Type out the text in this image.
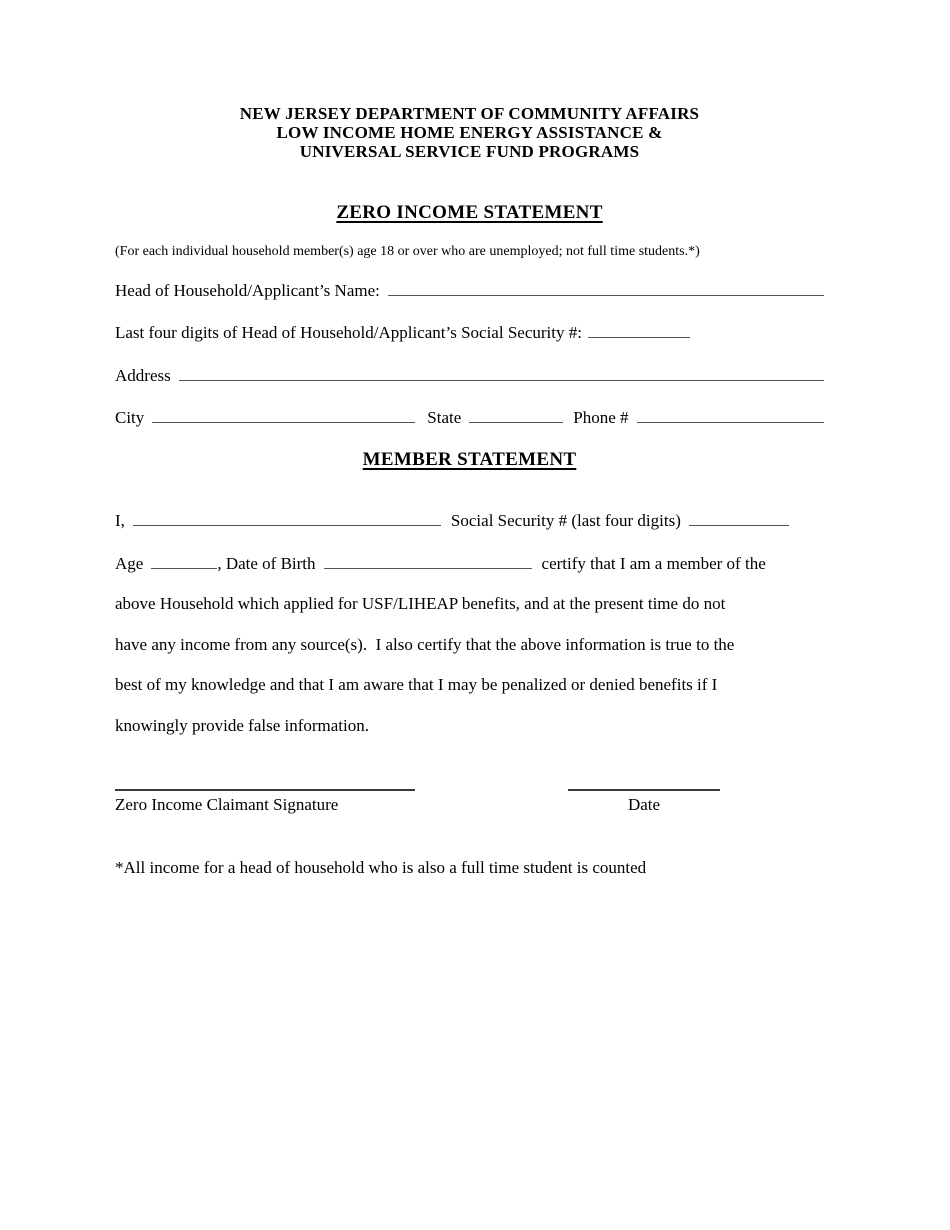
NEW JERSEY DEPARTMENT OF COMMUNITY AFFAIRS
LOW INCOME HOME ENERGY ASSISTANCE &
UNIVERSAL SERVICE FUND PROGRAMS
ZERO INCOME STATEMENT
(For each individual household member(s) age 18 or over who are unemployed; not full time students.*)
Head of Household/Applicant’s Name:
Last four digits of Head of Household/Applicant’s Social Security #:
Address
City	State	Phone #
MEMBER STATEMENT
I,	Social Security # (last four digits)
Age	, Date of Birth	certify that I am a member of the
above Household which applied for USF/LIHEAP benefits, and at the present time do not
have any income from any source(s).  I also certify that the above information is true to the
best of my knowledge and that I am aware that I may be penalized or denied benefits if I
knowingly provide false information.
Zero Income Claimant Signature	Date
*All income for a head of household who is also a full time student is counted
